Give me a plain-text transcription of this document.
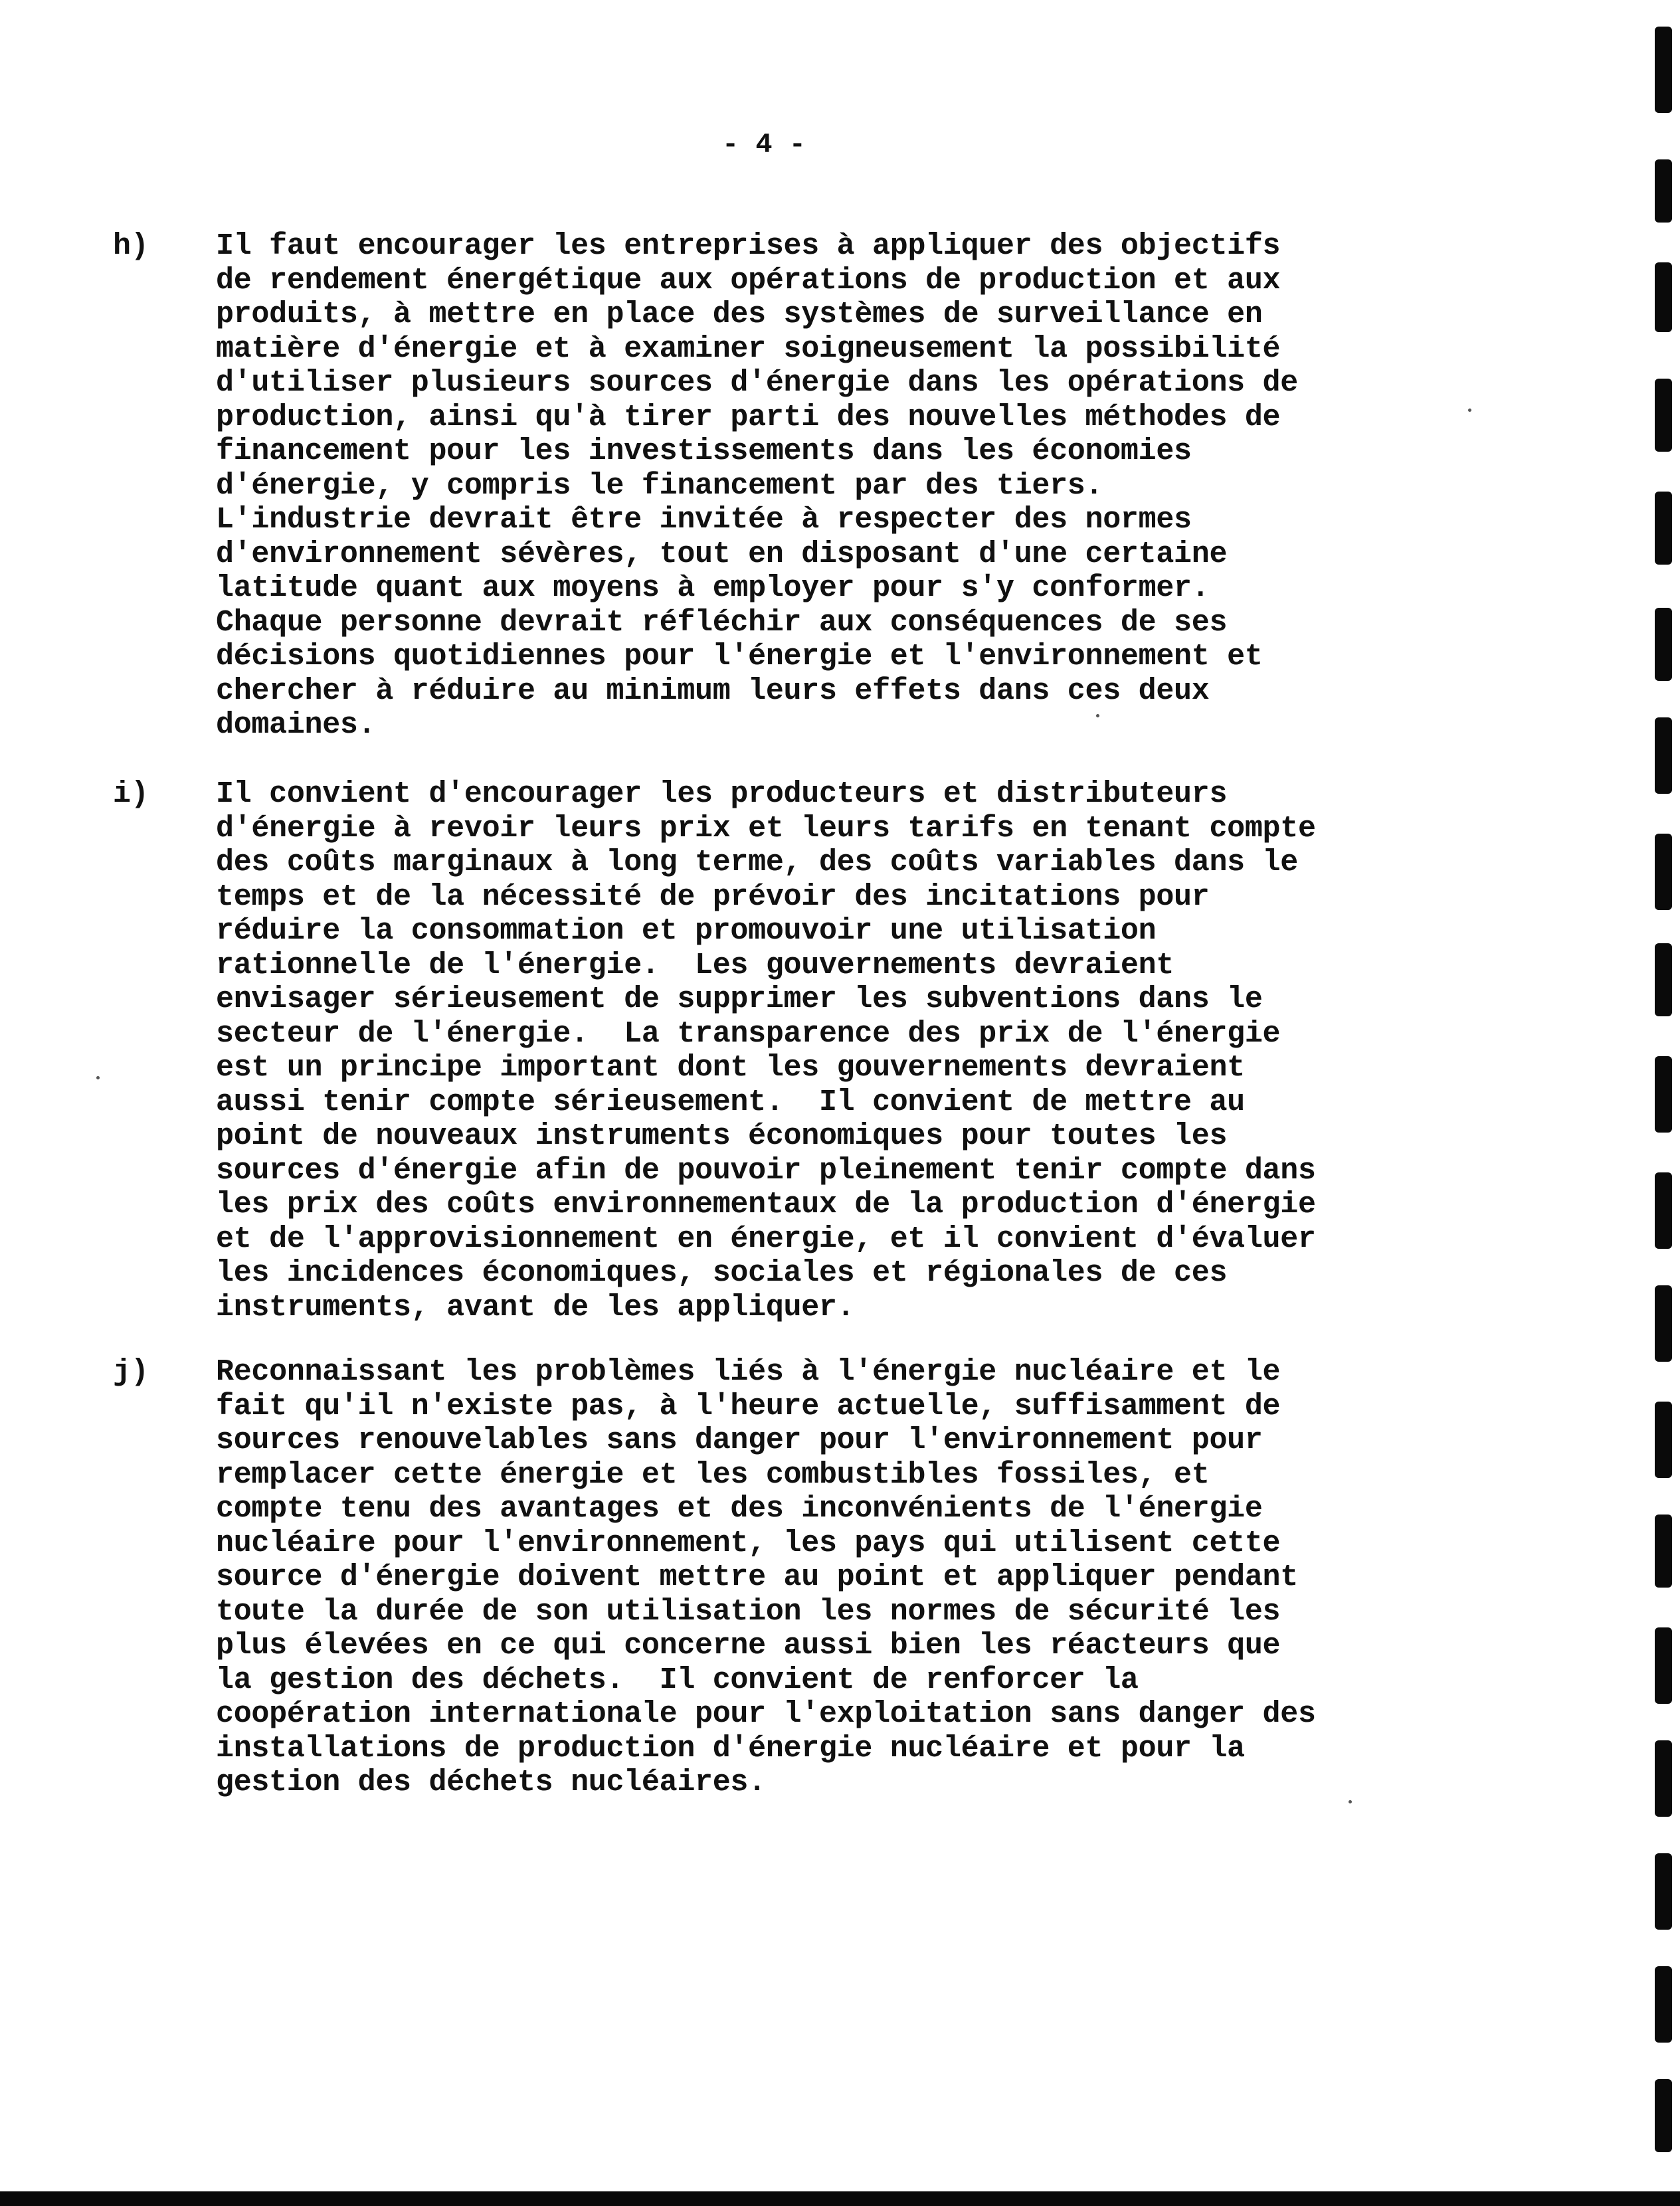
- 4 -
h) Il faut encourager les entreprises à appliquer des objectifs
de rendement énergétique aux opérations de production et aux
produits, à mettre en place des systèmes de surveillance en
matière d'énergie et à examiner soigneusement la possibilité
d'utiliser plusieurs sources d'énergie dans les opérations de
production, ainsi qu'à tirer parti des nouvelles méthodes de
financement pour les investissements dans les économies
d'énergie, y compris le financement par des tiers.
L'industrie devrait être invitée à respecter des normes
d'environnement sévères, tout en disposant d'une certaine
latitude quant aux moyens à employer pour s'y conformer.
Chaque personne devrait réfléchir aux conséquences de ses
décisions quotidiennes pour l'énergie et l'environnement et
chercher à réduire au minimum leurs effets dans ces deux
domaines.
i) Il convient d'encourager les producteurs et distributeurs
d'énergie à revoir leurs prix et leurs tarifs en tenant compte
des coûts marginaux à long terme, des coûts variables dans le
temps et de la nécessité de prévoir des incitations pour
réduire la consommation et promouvoir une utilisation
rationnelle de l'énergie.  Les gouvernements devraient
envisager sérieusement de supprimer les subventions dans le
secteur de l'énergie.  La transparence des prix de l'énergie
est un principe important dont les gouvernements devraient
aussi tenir compte sérieusement.  Il convient de mettre au
point de nouveaux instruments économiques pour toutes les
sources d'énergie afin de pouvoir pleinement tenir compte dans
les prix des coûts environnementaux de la production d'énergie
et de l'approvisionnement en énergie, et il convient d'évaluer
les incidences économiques, sociales et régionales de ces
instruments, avant de les appliquer.
j) Reconnaissant les problèmes liés à l'énergie nucléaire et le
fait qu'il n'existe pas, à l'heure actuelle, suffisamment de
sources renouvelables sans danger pour l'environnement pour
remplacer cette énergie et les combustibles fossiles, et
compte tenu des avantages et des inconvénients de l'énergie
nucléaire pour l'environnement, les pays qui utilisent cette
source d'énergie doivent mettre au point et appliquer pendant
toute la durée de son utilisation les normes de sécurité les
plus élevées en ce qui concerne aussi bien les réacteurs que
la gestion des déchets.  Il convient de renforcer la
coopération internationale pour l'exploitation sans danger des
installations de production d'énergie nucléaire et pour la
gestion des déchets nucléaires.
